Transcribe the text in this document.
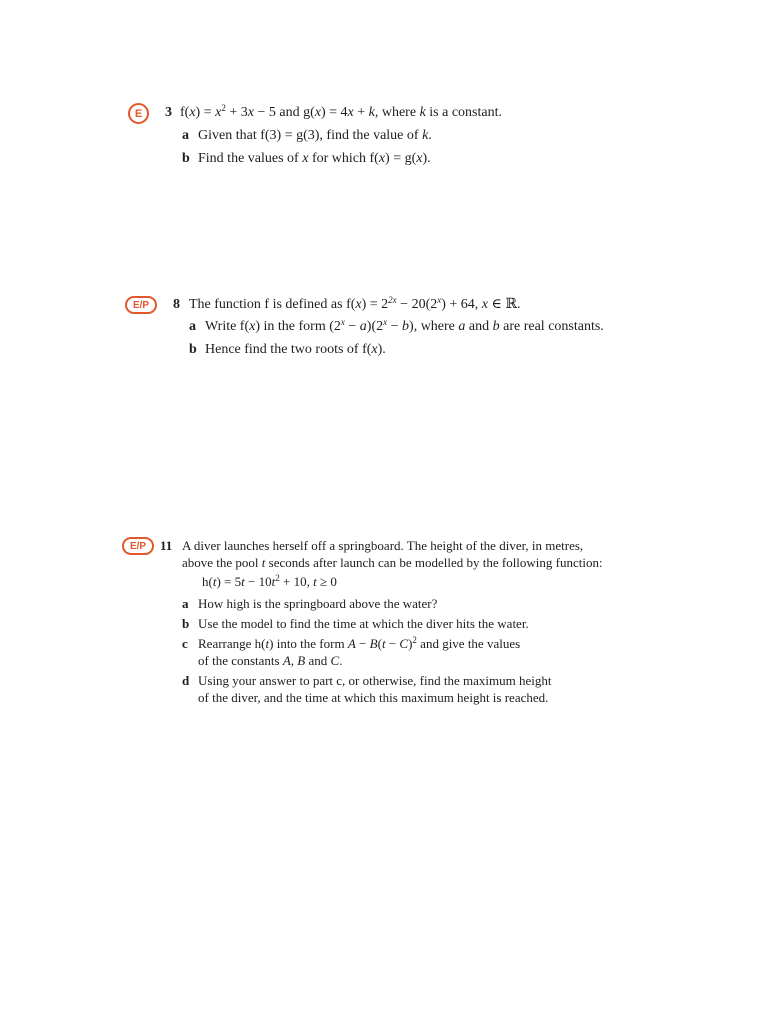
E	3 $f(x) = x^2 + 3x - 5$ and g(x) = 4x + k, where k is a constant.
a Given that f(3) = g(3), find the value of k.
b Find the values of x for which f(x) = g(x).
E/P	8 The function f is defined as $f(x) = 2^{2x} - 20(2^x) + 64$, x ∈ ℝ.
a Write f(x) in the form $(2^x - a)(2^x - b)$, where a and b are real constants.
b Hence find the two roots of f(x).
E/P	11 A diver launches herself off a springboard. The height of the diver, in metres,
above the pool t seconds after launch can be modelled by the following function:
$h(t) = 5t - 10t^2 + 10$, t ≥ 0
a How high is the springboard above the water?
b Use the model to find the time at which the diver hits the water.
c Rearrange h(t) into the form $A - B(t - C)^2$ and give the values
of the constants A, B and C.
d Using your answer to part c, or otherwise, find the maximum height
of the diver, and the time at which this maximum height is reached.
